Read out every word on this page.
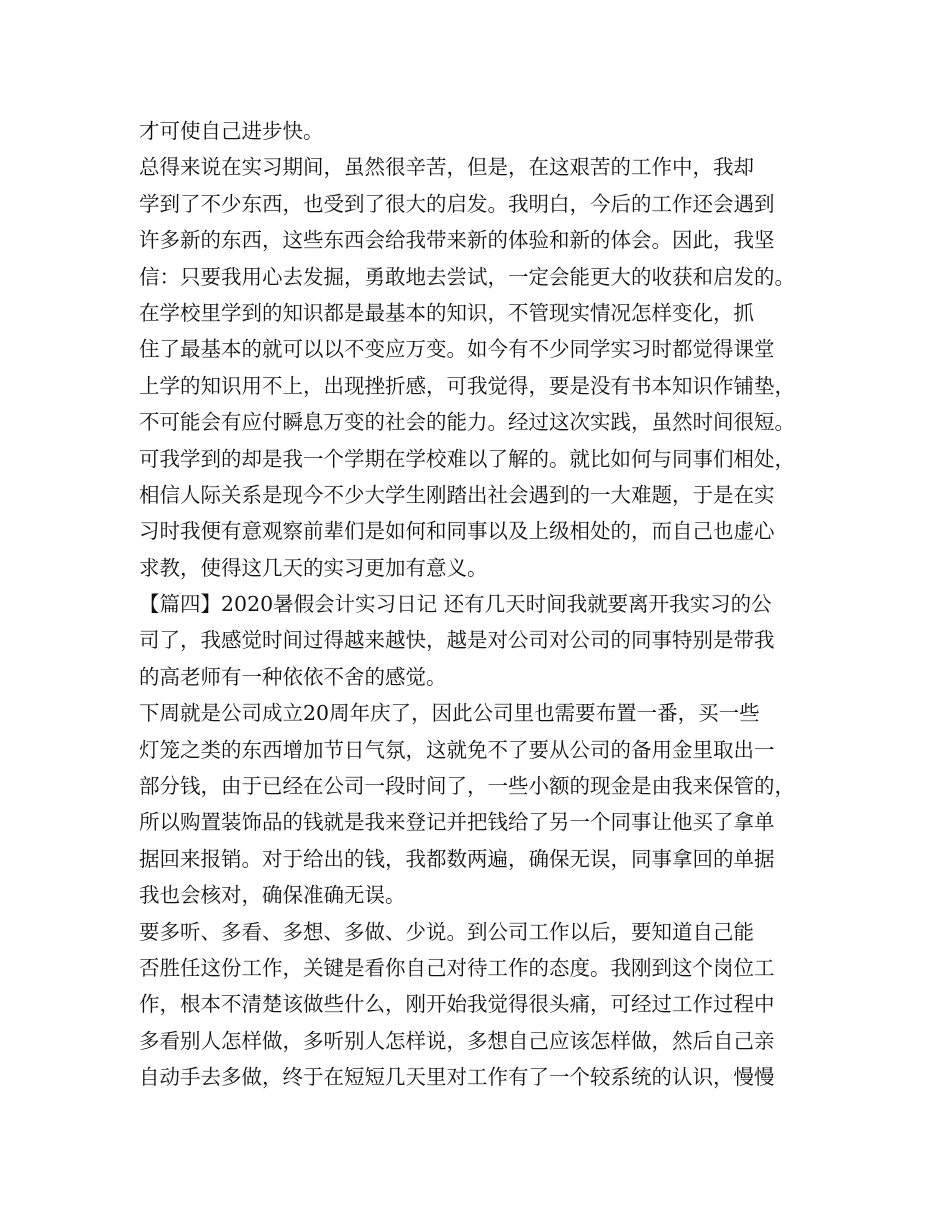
才可使自己进步快。
总得来说在实习期间，虽然很辛苦，但是，在这艰苦的工作中，我却
学到了不少东西，也受到了很大的启发。我明白，今后的工作还会遇到
许多新的东西，这些东西会给我带来新的体验和新的体会。因此，我坚
信：只要我用心去发掘，勇敢地去尝试，一定会能更大的收获和启发的。
在学校里学到的知识都是最基本的知识，不管现实情况怎样变化，抓
住了最基本的就可以以不变应万变。如今有不少同学实习时都觉得课堂
上学的知识用不上，出现挫折感，可我觉得，要是没有书本知识作铺垫，
不可能会有应付瞬息万变的社会的能力。经过这次实践，虽然时间很短。
可我学到的却是我一个学期在学校难以了解的。就比如何与同事们相处，
相信人际关系是现今不少大学生刚踏出社会遇到的一大难题，于是在实
习时我便有意观察前辈们是如何和同事以及上级相处的，而自己也虚心
求教，使得这几天的实习更加有意义。
【篇四】2020暑假会计实习日记 还有几天时间我就要离开我实习的公
司了，我感觉时间过得越来越快，越是对公司对公司的同事特别是带我
的高老师有一种依依不舍的感觉。
下周就是公司成立20周年庆了，因此公司里也需要布置一番，买一些
灯笼之类的东西增加节日气氛，这就免不了要从公司的备用金里取出一
部分钱，由于已经在公司一段时间了，一些小额的现金是由我来保管的，
所以购置装饰品的钱就是我来登记并把钱给了另一个同事让他买了拿单
据回来报销。对于给出的钱，我都数两遍，确保无误，同事拿回的单据
我也会核对，确保准确无误。
要多听、多看、多想、多做、少说。到公司工作以后，要知道自己能
否胜任这份工作，关键是看你自己对待工作的态度。我刚到这个岗位工
作，根本不清楚该做些什么，刚开始我觉得很头痛，可经过工作过程中
多看别人怎样做，多听别人怎样说，多想自己应该怎样做，然后自己亲
自动手去多做，终于在短短几天里对工作有了一个较系统的认识，慢慢
